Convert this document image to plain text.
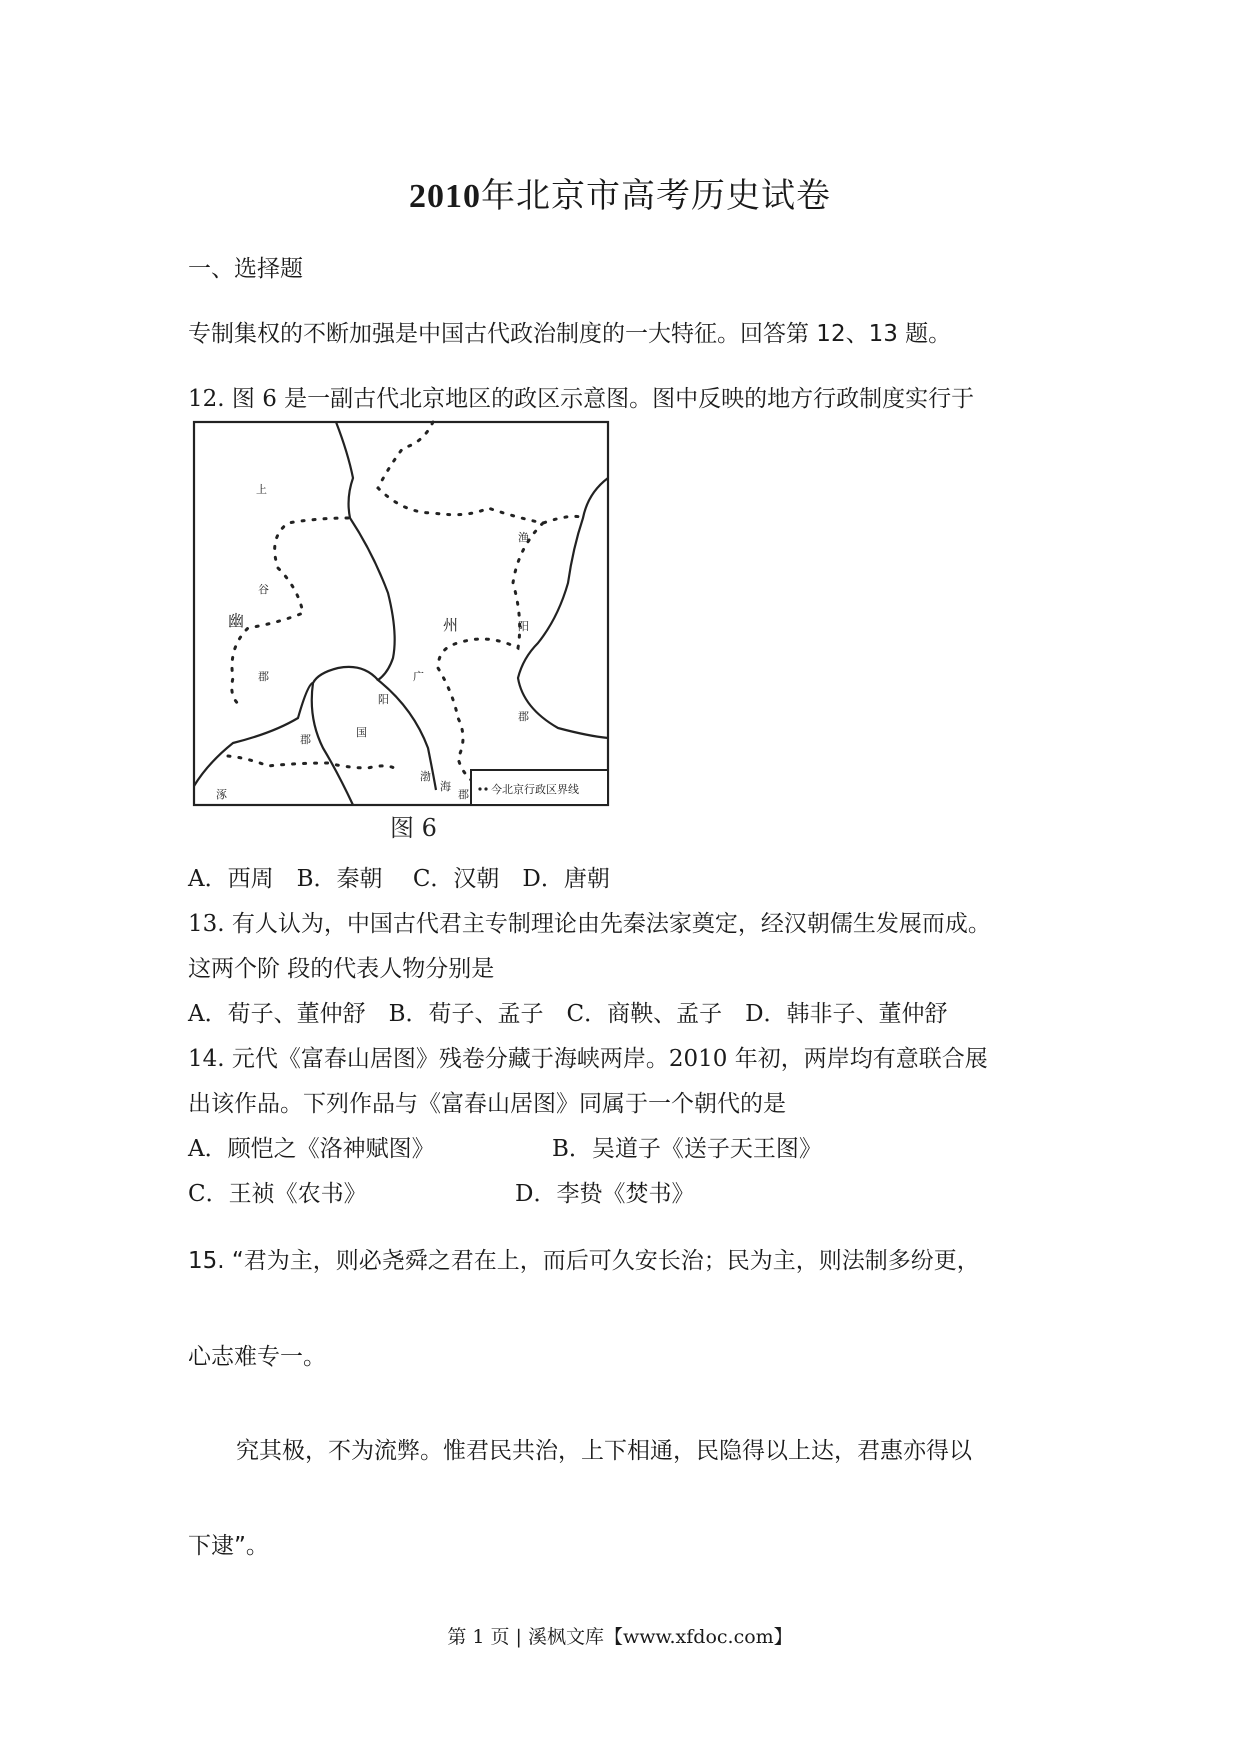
2010年北京市高考历史试卷
一、选择题
专制集权的不断加强是中国古代政治制度的一大特征。回答第 12、13 题。
12. 图 6 是一副古代北京地区的政区示意图。图中反映的地方行政制度实行于
今北京行政区界线
上
谷
幽
郡
郡
渔
州	阳
郡
广
阳
国
涿
渤
海
郡
图 6
A．西周　B．秦朝　 C．汉朝　D．唐朝
13. 有人认为，中国古代君主专制理论由先秦法家奠定，经汉朝儒生发展而成。
这两个阶 段的代表人物分别是
A．荀子、董仲舒　B．荀子、孟子　C．商鞅、孟子　D．韩非子、董仲舒
14. 元代《富春山居图》残卷分藏于海峡两岸。2010 年初，两岸均有意联合展
出该作品。下列作品与《富春山居图》同属于一个朝代的是
A．顾恺之《洛神赋图》	B．吴道子《送子天王图》
C．王祯《农书》	D．李贽《焚书》
15. “君为主，则必尧舜之君在上，而后可久安长治；民为主，则法制多纷更，
心志难专一。
究其极，不为流弊。惟君民共治，上下相通，民隐得以上达，君惠亦得以
下逮”。
第 1 页 | 溪枫文库【www.xfdoc.com】
